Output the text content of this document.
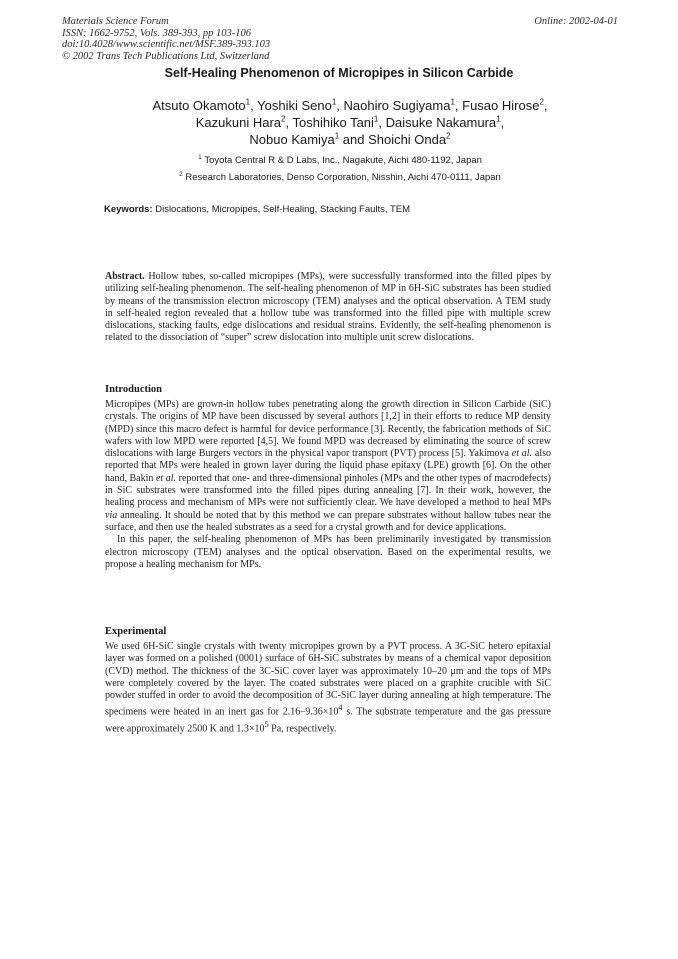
Materials Science Forum
ISSN: 1662-9752, Vols. 389-393, pp 103-106
doi:10.4028/www.scientific.net/MSF.389-393.103
© 2002 Trans Tech Publications Ltd, Switzerland
Online: 2002-04-01
Self-Healing Phenomenon of Micropipes in Silicon Carbide
Atsuto Okamoto$^1$, Yoshiki Seno$^1$, Naohiro Sugiyama$^1$, Fusao Hirose$^2$,
Kazukuni Hara$^2$, Toshihiko Tani$^1$, Daisuke Nakamura$^1$,
Nobuo Kamiya$^1$ and Shoichi Onda$^2$
$^1$ Toyota Central R & D Labs, Inc., Nagakute, Aichi 480-1192, Japan
$^2$ Research Laboratories, Denso Corporation, Nisshin, Aichi 470-0111, Japan
Keywords: Dislocations, Micropipes, Self-Healing, Stacking Faults, TEM
Abstract. Hollow tubes, so-called micropipes (MPs), were successfully transformed into the filled pipes by utilizing self-healing phenomenon. The self-healing phenomenon of MP in 6H-SiC substrates has been studied by means of the transmission electron microscopy (TEM) analyses and the optical observation. A TEM study in self-healed region revealed that a hollow tube was transformed into the filled pipe with multiple screw dislocations, stacking faults, edge dislocations and residual strains. Evidently, the self-healing phenomenon is related to the dissociation of “super” screw dislocation into multiple unit screw dislocations.
Introduction

Micropipes (MPs) are grown-in hollow tubes penetrating along the growth direction in Silicon Carbide (SiC) crystals. The origins of MP have been discussed by several authors [1,2] in their efforts to reduce MP density (MPD) since this macro defect is harmful for device performance [3]. Recently, the fabrication methods of SiC wafers with low MPD were reported [4,5]. We found MPD was decreased by eliminating the source of screw dislocations with large Burgers vectors in the physical vapor transport (PVT) process [5]. Yakimova et al. also reported that MPs were healed in grown layer during the liquid phase epitaxy (LPE) growth [6]. On the other hand, Bakin et al. reported that one- and three-dimensional pinholes (MPs and the other types of macrodefects) in SiC substrates were transformed into the filled pipes during annealing [7]. In their work, however, the healing process and mechanism of MPs were not sufficiently clear. We have developed a method to heal MPs via annealing. It should be noted that by this method we can prepare substrates without hallow tubes near the surface, and then use the healed substrates as a seed for a crystal growth and for device applications.

In this paper, the self-healing phenomenon of MPs has been preliminarily investigated by transmission electron microscopy (TEM) analyses and the optical observation. Based on the experimental results, we propose a healing mechanism for MPs.

Experimental
We used 6H-SiC single crystals with twenty micropipes grown by a PVT process. A 3C-SiC hetero epitaxial layer was formed on a polished (0001) surface of 6H-SiC substrates by means of a chemical vapor deposition (CVD) method. The thickness of the 3C-SiC cover layer was approximately 10–20 μm and the tops of MPs were completely covered by the layer. The coated substrates were placed on a graphite crucible with SiC powder stuffed in order to avoid the decomposition of 3C-SiC layer during annealing at high temperature. The specimens were heated in an inert gas for $2.16-9.36\times 10^4$ s. The substrate temperature and the gas pressure were approximately 2500 K and $1.3\times 10^5$ Pa, respectively.
